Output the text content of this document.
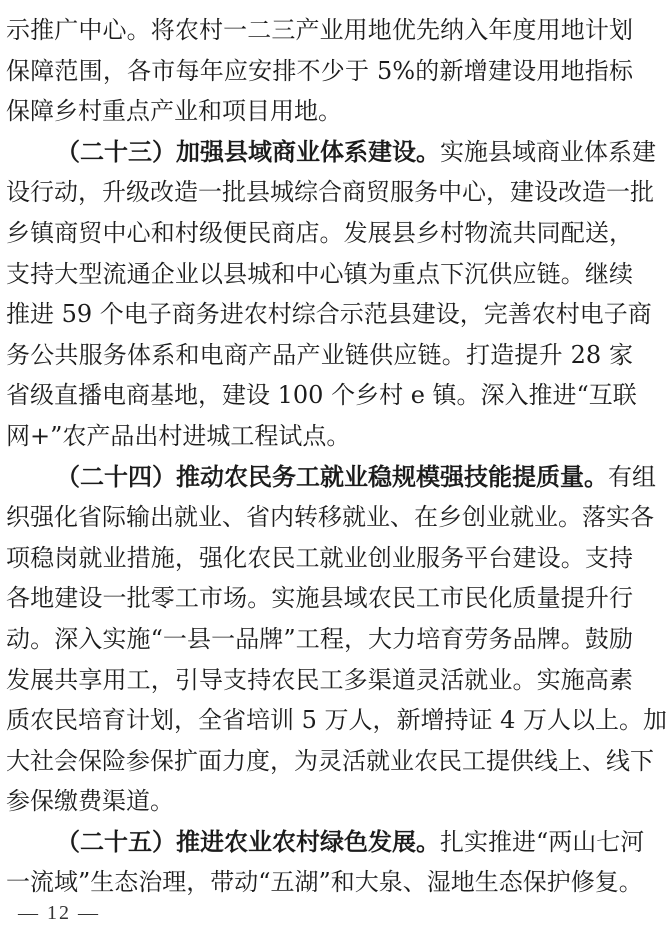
示推广中心。将农村一二三产业用地优先纳入年度用地计划
保障范围，各市每年应安排不少于 5%的新增建设用地指标
保障乡村重点产业和项目用地。
（二十三）加强县域商业体系建设。实施县域商业体系建
设行动，升级改造一批县城综合商贸服务中心，建设改造一批
乡镇商贸中心和村级便民商店。发展县乡村物流共同配送，
支持大型流通企业以县城和中心镇为重点下沉供应链。继续
推进 59 个电子商务进农村综合示范县建设，完善农村电子商
务公共服务体系和电商产品产业链供应链。打造提升 28 家
省级直播电商基地，建设 100 个乡村 e 镇。深入推进“互联
网+”农产品出村进城工程试点。
（二十四）推动农民务工就业稳规模强技能提质量。有组
织强化省际输出就业、省内转移就业、在乡创业就业。落实各
项稳岗就业措施，强化农民工就业创业服务平台建设。支持
各地建设一批零工市场。实施县域农民工市民化质量提升行
动。深入实施“一县一品牌”工程，大力培育劳务品牌。鼓励
发展共享用工，引导支持农民工多渠道灵活就业。实施高素
质农民培育计划，全省培训 5 万人，新增持证 4 万人以上。加
大社会保险参保扩面力度，为灵活就业农民工提供线上、线下
参保缴费渠道。
（二十五）推进农业农村绿色发展。扎实推进“两山七河
一流域”生态治理，带动“五湖”和大泉、湿地生态保护修复。
— 12 —
